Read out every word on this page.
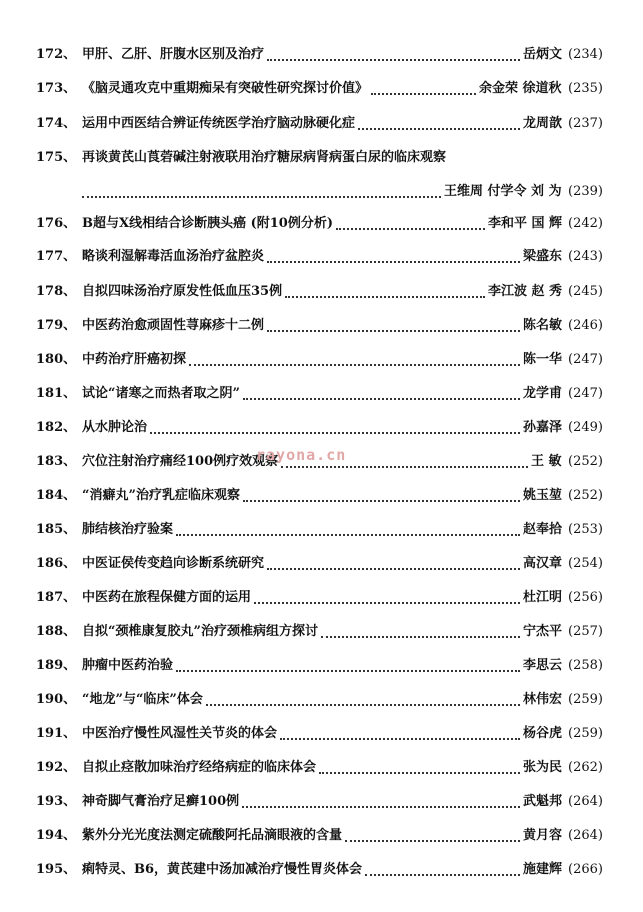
172、 甲肝、乙肝、肝腹水区别及治疗	岳炳文 (234)
173、 《脑灵通攻克中重期痴呆有突破性研究探讨价值》	余金荣 徐道秋 (235)
174、 运用中西医结合辨证传统医学治疗脑动脉硬化症	龙周歆 (237)
175、 再谈黄芪山莨菪碱注射液联用治疗糖尿病肾病蛋白尿的临床观察
王维周 付学令 刘 为 (239)
176、 B超与X线相结合诊断胰头癌 (附10例分析)	李和平 国 辉 (242)
177、 略谈利湿解毒活血汤治疗盆腔炎	梁盛东 (243)
178、 自拟四味汤治疗原发性低血压35例	李江波 赵 秀 (245)
179、 中医药治愈顽固性荨麻疹十二例	陈名敏 (246)
180、 中药治疗肝癌初探	陈一华 (247)
181、 试论“诸寒之而热者取之阴”	龙学甫 (247)
182、 从水肿论治	孙嘉泽 (249)
183、 穴位注射治疗痛经100例疗效观察	王 敏 (252)
184、 “消癖丸”治疗乳症临床观察	姚玉堃 (252)
185、 肺结核治疗验案	赵奉拾 (253)
186、 中医证侯传变趋向诊断系统研究	高汉章 (254)
187、 中医药在旅程保健方面的运用	杜江明 (256)
188、 自拟“颈椎康复胶丸”治疗颈椎病组方探讨	宁杰平 (257)
189、 肿瘤中医药治验	李思云 (258)
190、 “地龙”与“临床”体会	林伟宏 (259)
191、 中医治疗慢性风湿性关节炎的体会	杨谷虎 (259)
192、 自拟止痉散加味治疗经络病症的临床体会	张为民 (262)
193、 神奇脚气膏治疗足癣100例	武魁邦 (264)
194、 紫外分光光度法测定硫酸阿托品滴眼液的含量	黄月容 (264)
195、 痢特灵、B6，黄芪建中汤加减治疗慢性胃炎体会	施建辉 (266)
rayona.cn
